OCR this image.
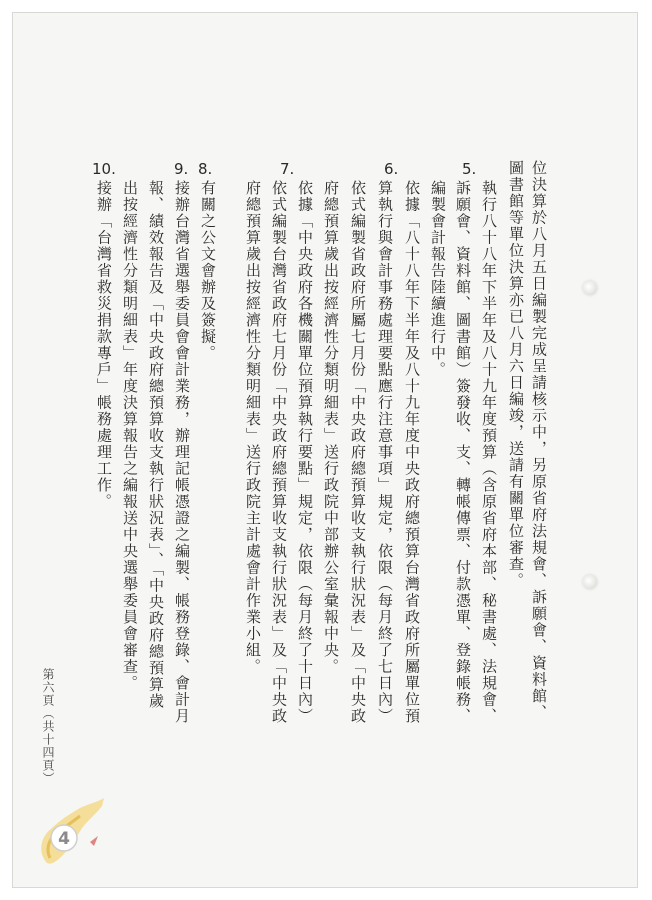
5.
6.
7.
8.
9.
10.	位決算於八月五日編製完成呈請核示中，另原省府法規會、訴願會、資料館、
圖書館等單位決算亦已八月六日編竣，送請有關單位審查。
執行八十八年下半年及八十九年度預算（含原省府本部、秘書處、法規會、
訴願會、資料館、圖書館）簽發收、支、轉帳傳票、付款憑單、登錄帳務、
編製會計報告陸續進行中。
依據「八十八年下半年及八十九年度中央政府總預算台灣省政府所屬單位預
算執行與會計事務處理要點應行注意事項」規定，依限（每月終了七日內）
依式編製省政府所屬七月份「中央政府總預算收支執行狀況表」及「中央政
府總預算歲出按經濟性分類明細表」送行政院中部辦公室彙報中央。
依據「中央政府各機關單位預算執行要點」規定，依限（每月終了十日內）
依式編製台灣省政府七月份「中央政府總預算收支執行狀況表」及「中央政
府總預算歲出按經濟性分類明細表」送行政院主計處會計作業小組。
有關之公文會辦及簽擬。
接辦台灣省選舉委員會會計業務，辦理記帳憑證之編製、帳務登錄、會計月
報、績效報告及「中央政府總預算收支執行狀況表」、「中央政府總預算歲
出按經濟性分類明細表」年度決算報告之編報送中央選舉委員會審查。
接辦「台灣省救災捐款專戶」帳務處理工作。
第六頁（共十四頁）
4
